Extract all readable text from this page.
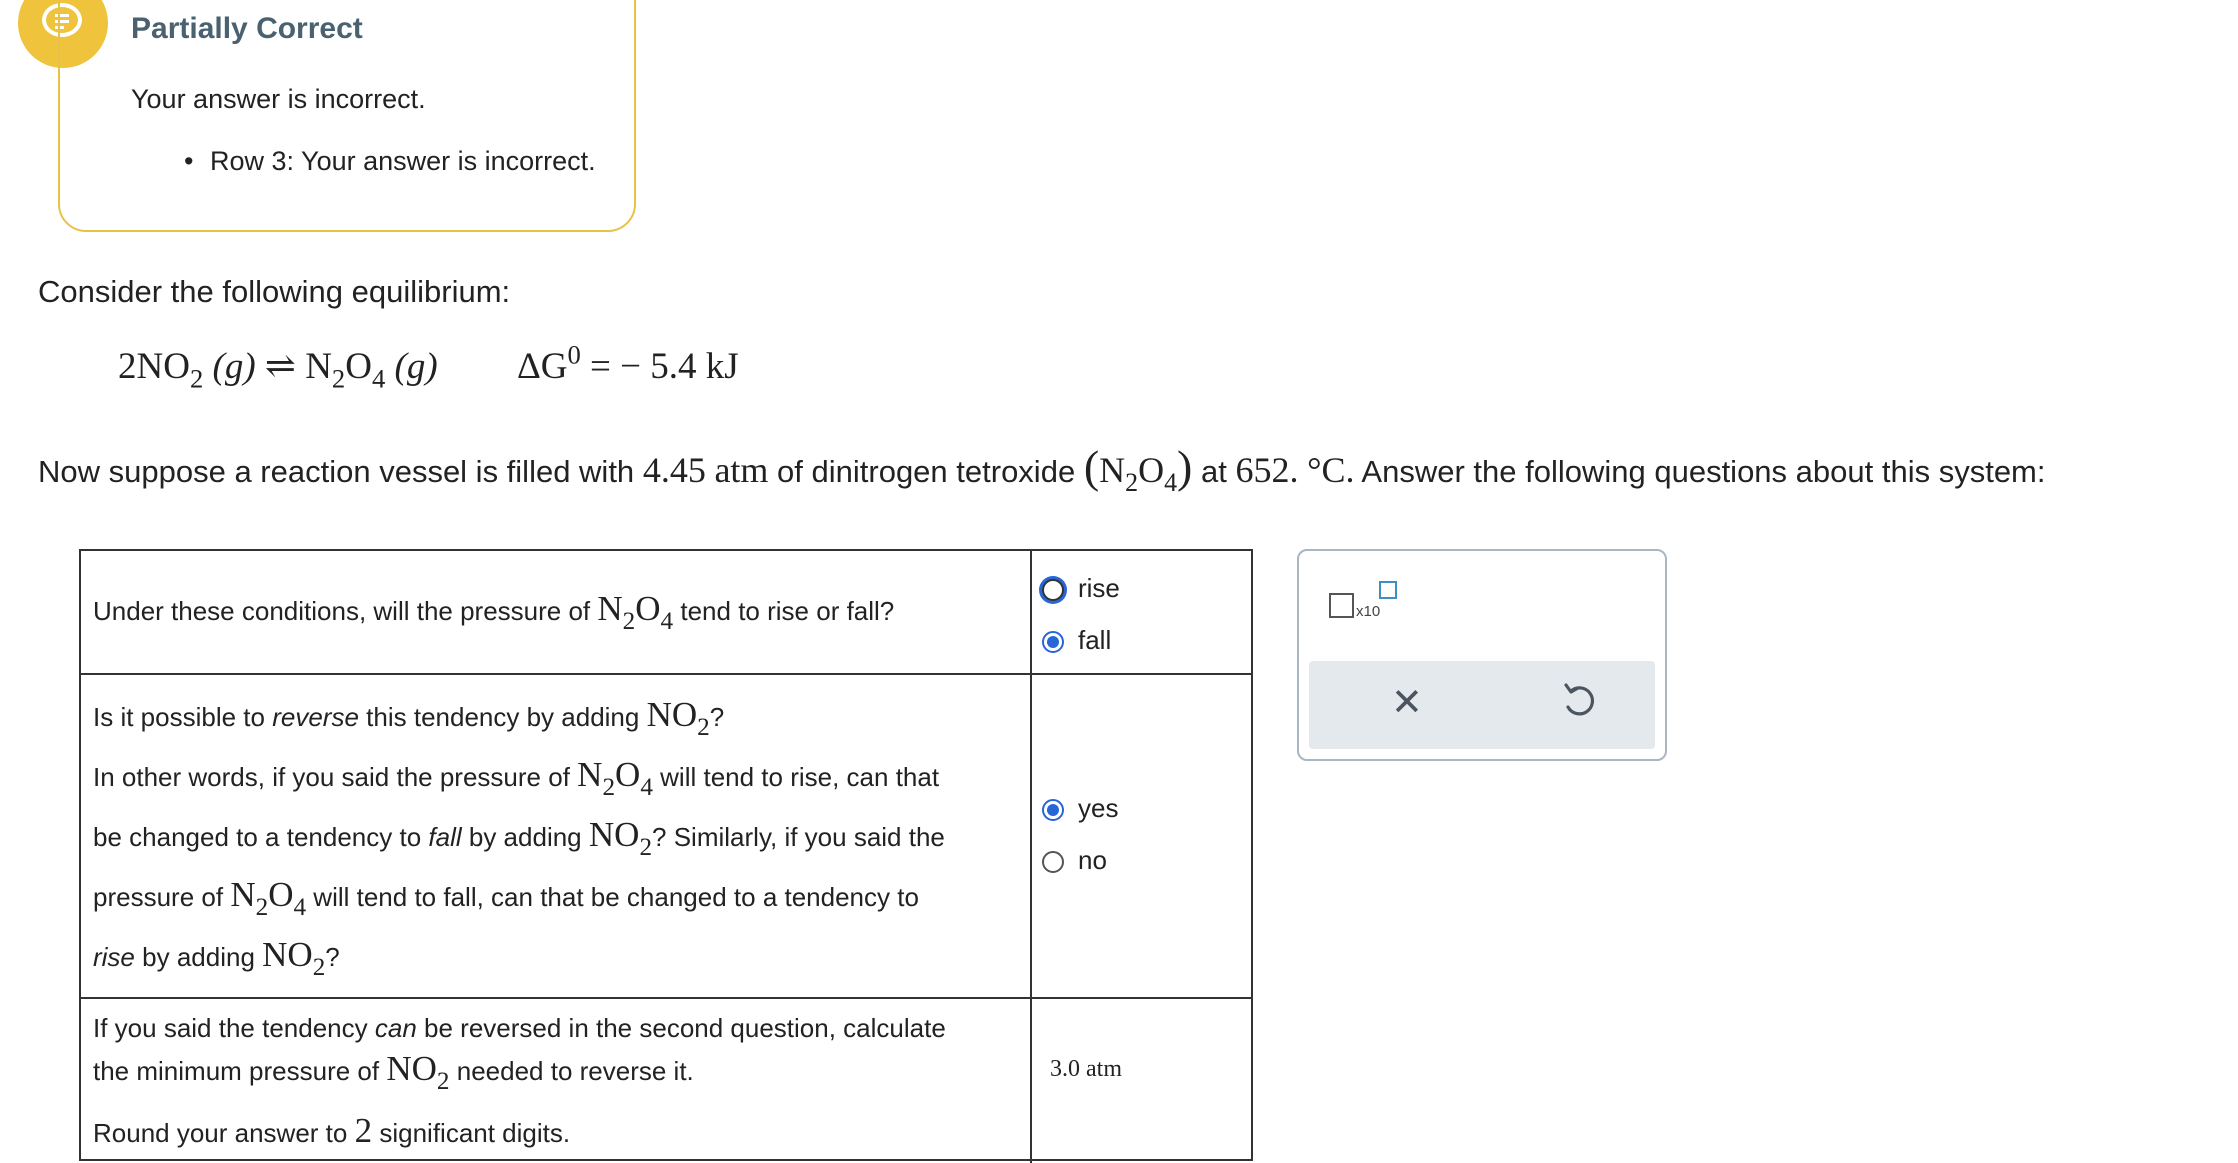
Partially Correct
Your answer is incorrect.
• Row 3: Your answer is incorrect.
Consider the following equilibrium:
$2NO_2$ (g) ⇌ $N_2O_4$ (g) $\Delta G^0$ = − 5.4 kJ
Now suppose a reaction vessel is filled with 4.45 atm of dinitrogen tetroxide $(N_2O_4)$ at 652. °C. Answer the following questions about this system:
Under these conditions, will the pressure of $N_2O_4$ tend to rise or fall?
rise
fall
Is it possible to reverse this tendency by adding $NO_2$?
In other words, if you said the pressure of $N_2O_4$ will tend to rise, can that
be changed to a tendency to fall by adding $NO_2$? Similarly, if you said the
pressure of $N_2O_4$ will tend to fall, can that be changed to a tendency to
rise by adding $NO_2$?
yes
no
If you said the tendency can be reversed in the second question, calculate
the minimum pressure of $NO_2$ needed to reverse it.
Round your answer to 2 significant digits.
3.0 atm
x10
✕
